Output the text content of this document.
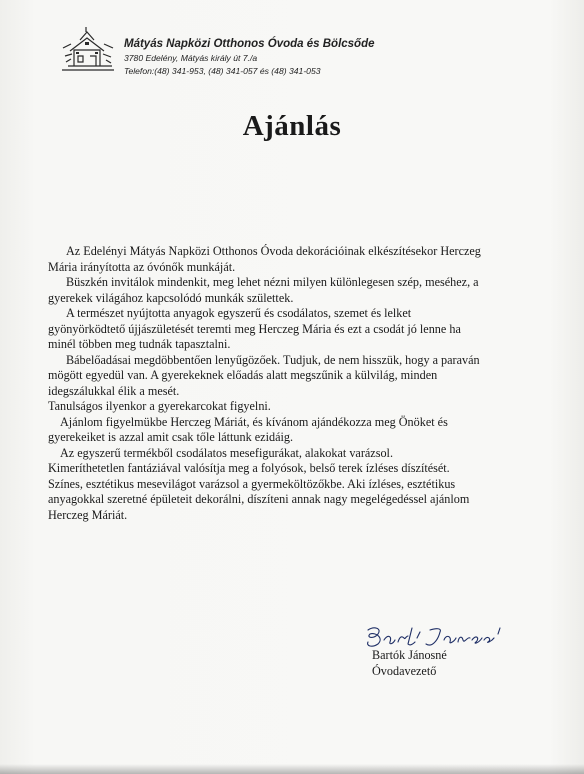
Mátyás Napközi Otthonos Óvoda és Bölcsőde
3780 Edelény, Mátyás király út 7./a
Telefon:(48) 341-953, (48) 341-057 és (48) 341-053
Ajánlás

Az Edelényi Mátyás Napközi Otthonos Óvoda dekorációinak elkészítésekor Herczeg

Mária irányította az óvónők munkáját.

Büszkén invitálok mindenkit, meg lehet nézni milyen különlegesen szép, meséhez, a

gyerekek világához kapcsolódó munkák születtek.

A természet nyújtotta anyagok egyszerű és csodálatos, szemet és lelket

gyönyörködtető újjászületését teremti meg Herczeg Mária és ezt a csodát jó lenne ha

minél többen meg tudnák tapasztalni.

Bábelőadásai megdöbbentően lenyűgözőek. Tudjuk, de nem hisszük, hogy a paraván

mögött egyedül van. A gyerekeknek előadás alatt megszűnik a külvilág, minden

idegszálukkal élik a mesét.

Tanulságos ilyenkor a gyerekarcokat figyelni.

Ajánlom figyelmükbe Herczeg Máriát, és kívánom ajándékozza meg Önöket és

gyerekeiket is azzal amit csak tőle láttunk ezidáig.

Az egyszerű termékből csodálatos mesefigurákat, alakokat varázsol.

Kimeríthetetlen fantáziával valósítja meg a folyósok, belső terek ízléses díszítését.

Színes, esztétikus mesevilágot varázsol a gyermeköltözőkbe. Aki ízléses, esztétikus

anyagokkal szeretné épületeit dekorálni, díszíteni annak nagy megelégedéssel ajánlom

Herczeg Máriát.

Bartók Jánosné
Óvodavezető
